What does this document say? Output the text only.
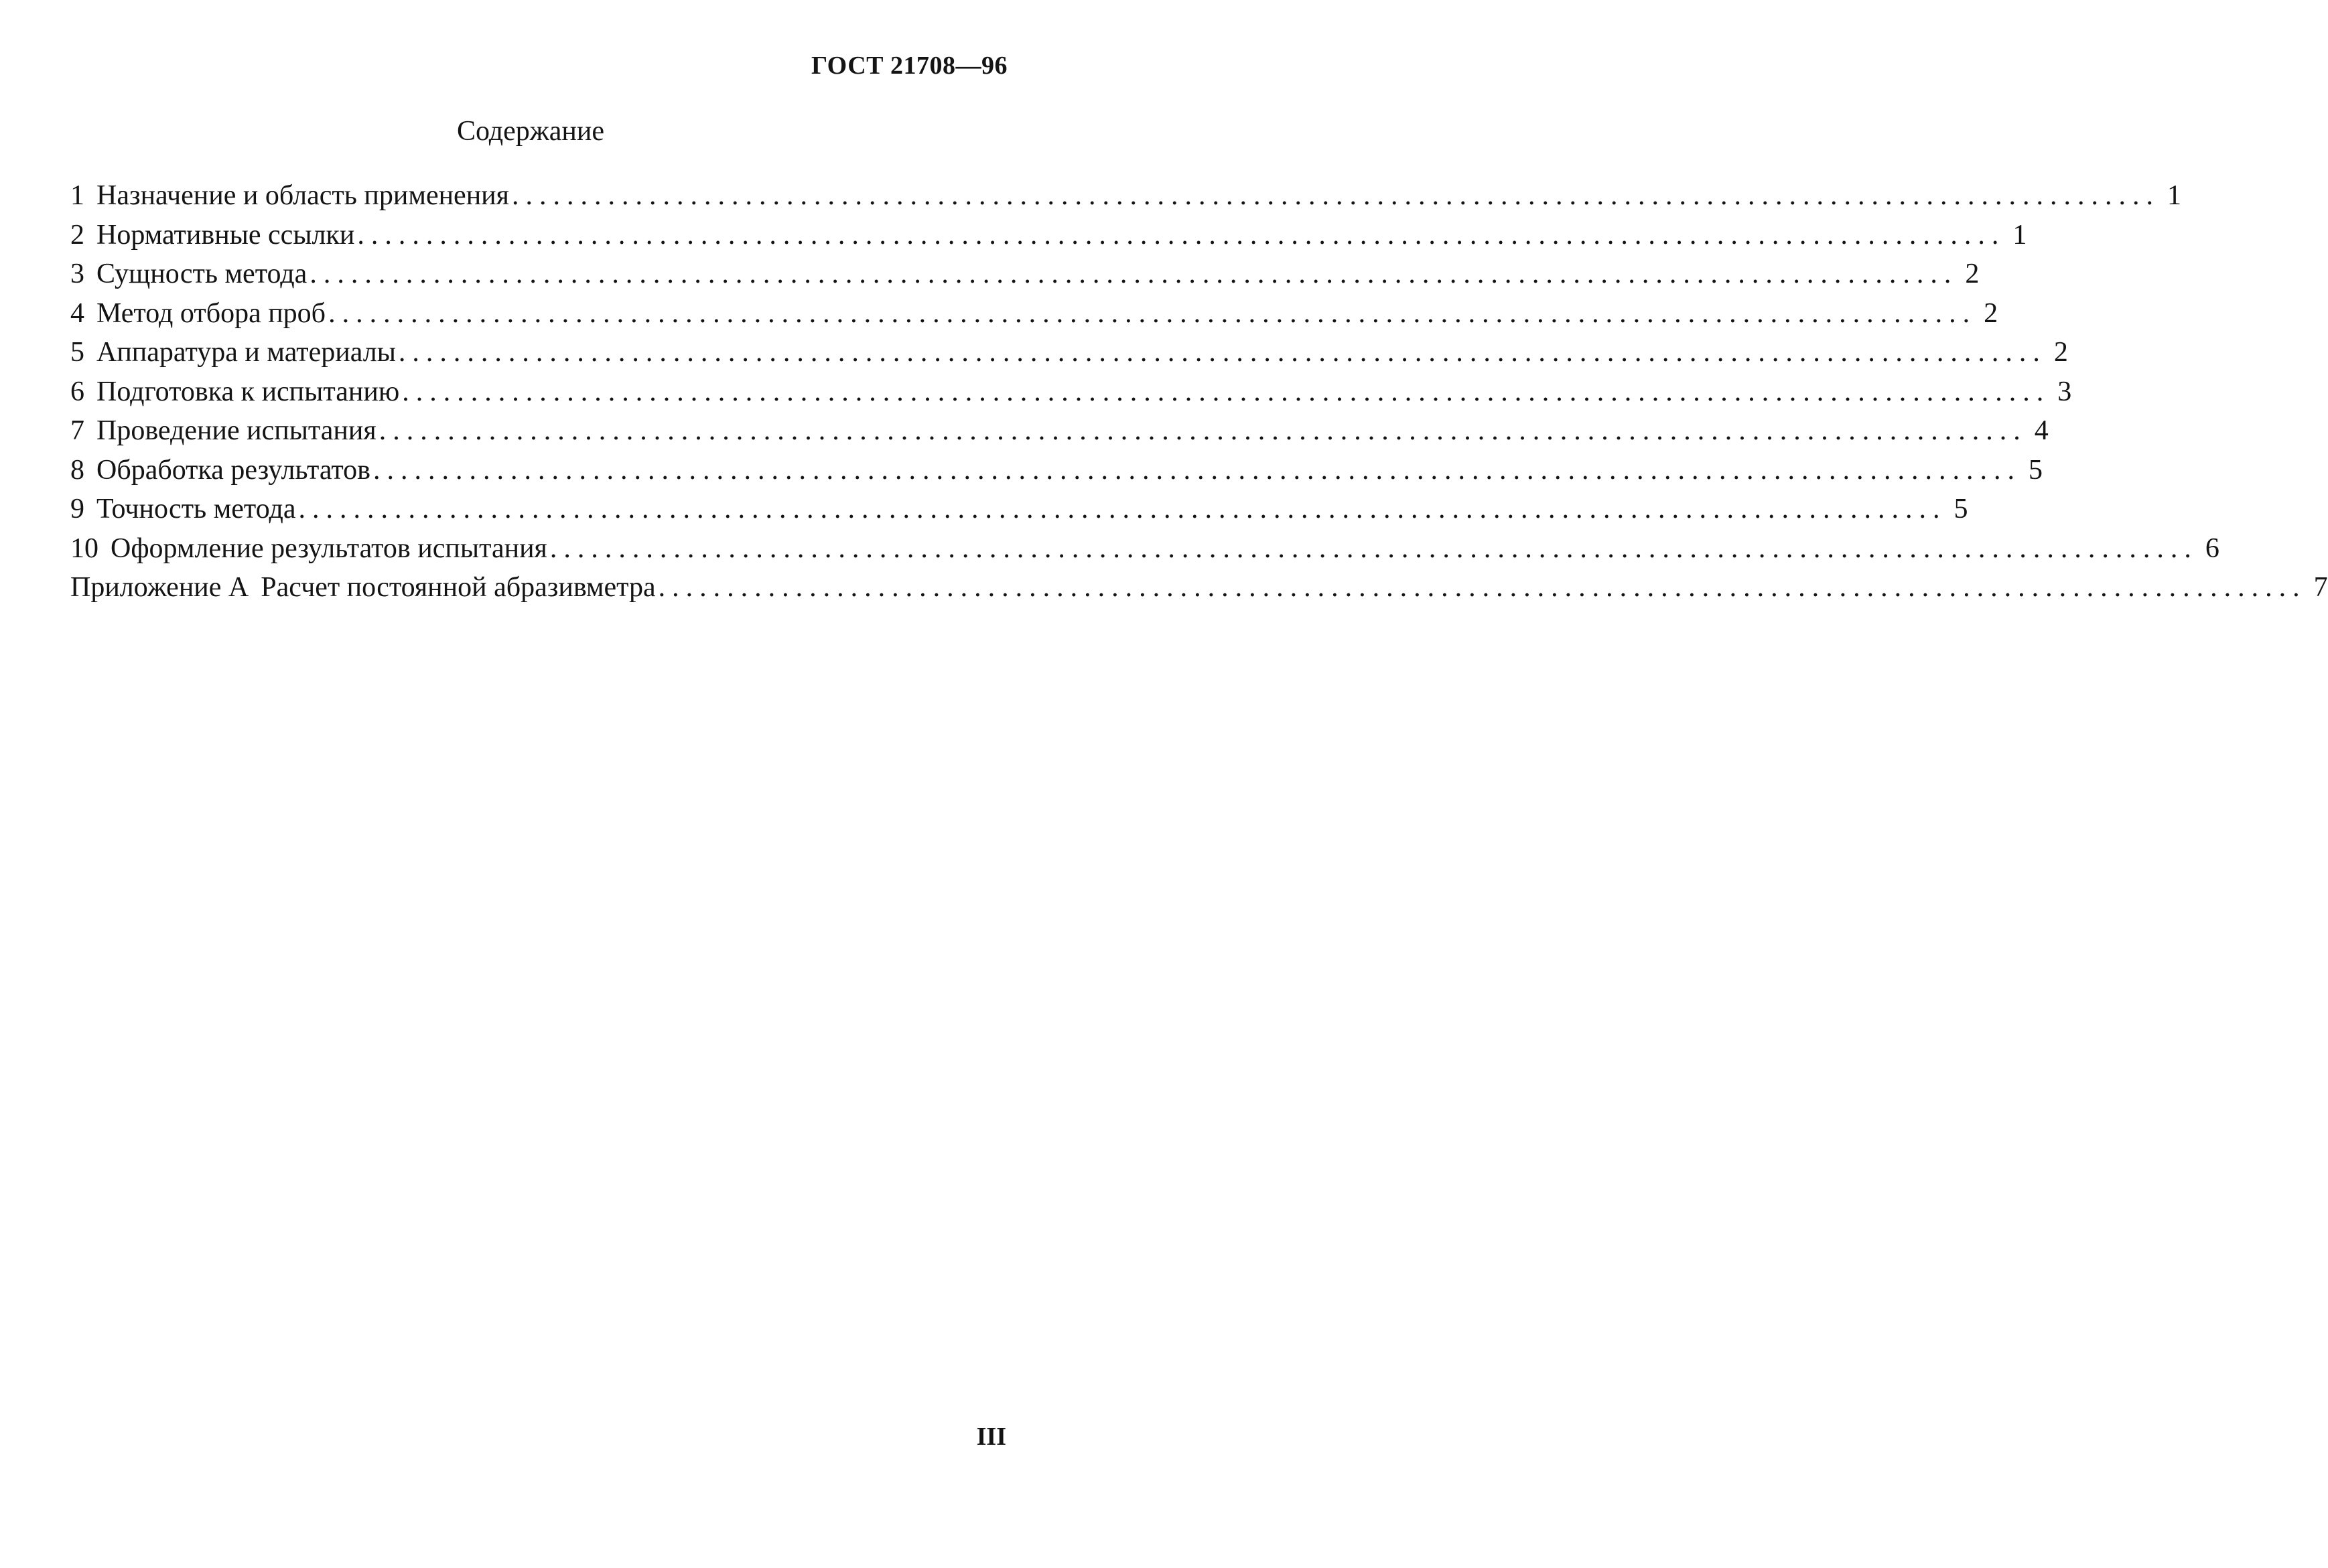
ГОСТ 21708—96
Содержание
1 Назначение и область применения ........................................................................................................................ 1
2 Нормативные ссылки ........................................................................................................................ 1
3 Сущность метода ........................................................................................................................ 2
4 Метод отбора проб ........................................................................................................................ 2
5 Аппаратура и материалы ........................................................................................................................ 2
6 Подготовка к испытанию ........................................................................................................................ 3
7 Проведение испытания ........................................................................................................................ 4
8 Обработка результатов ........................................................................................................................ 5
9 Точность метода ........................................................................................................................ 5
10 Оформление результатов испытания ........................................................................................................................ 6
Приложение А Расчет постоянной абразивметра ........................................................................................................................ 7
III
